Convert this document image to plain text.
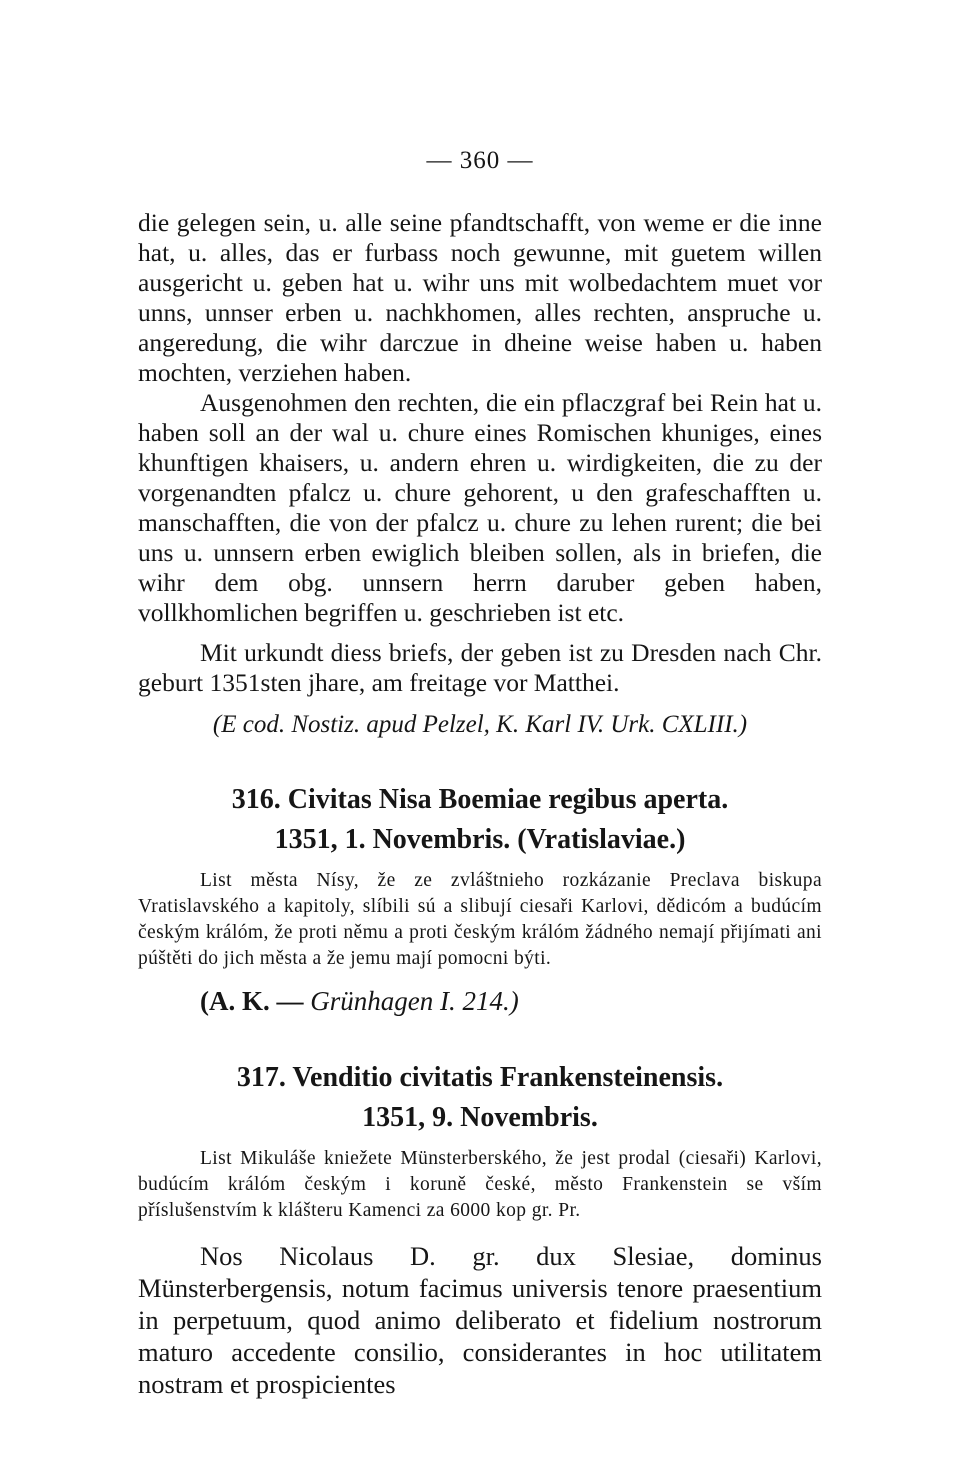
— 360 —

die gelegen sein, u. alle seine pfandtschafft, von weme er die inne hat, u. alles, das er furbass noch gewunne, mit guetem willen ausgericht u. geben hat u. wihr uns mit wolbedachtem muet vor unns, unnser erben u. nachkhomen, alles rechten, anspruche u. angeredung, die wihr darczue in dheine weise haben u. haben mochten, verziehen haben.

Ausgenohmen den rechten, die ein pflaczgraf bei Rein hat u. haben soll an der wal u. chure eines Romischen khuniges, eines khunftigen khaisers, u. andern ehren u. wirdigkeiten, die zu der vorgenandten pfalcz u. chure gehorent, u den grafeschafften u. manschafften, die von der pfalcz u. chure zu lehen rurent; die bei uns u. unnsern erben ewiglich bleiben sollen, als in briefen, die wihr dem obg. unnsern herrn daruber geben haben, vollkhomlichen begriffen u. geschrieben ist etc.

Mit urkundt diess briefs, der geben ist zu Dresden nach Chr. geburt 1351sten jhare, am freitage vor Matthei.

(E cod. Nostiz. apud Pelzel, K. Karl IV. Urk. CXLIII.)

316. Civitas Nisa Boemiae regibus aperta.
1351, 1. Novembris. (Vratislaviae.)

List města Nísy, že ze zvláštnieho rozkázanie Preclava biskupa Vratislavského a kapitoly, slíbili sú a slibují ciesaři Karlovi, dědicóm a budúcím českým králóm, že proti němu a proti českým králóm žádného nemají přijímati ani púštěti do jich města a že jemu mají pomocni býti.

(A. K. — Grünhagen I. 214.)

317. Venditio civitatis Frankensteinensis.
1351, 9. Novembris.

List Mikuláše kniežete Münsterberského, že jest prodal (ciesaři) Karlovi, budúcím králóm českým i koruně české, město Frankenstein se vším příslušenstvím k klášteru Kamenci za 6000 kop gr. Pr.

Nos Nicolaus D. gr. dux Slesiae, dominus Münsterbergensis, notum facimus universis tenore praesentium in perpetuum, quod animo deliberato et fidelium nostrorum maturo accedente consilio, considerantes in hoc utilitatem nostram et prospicientes
